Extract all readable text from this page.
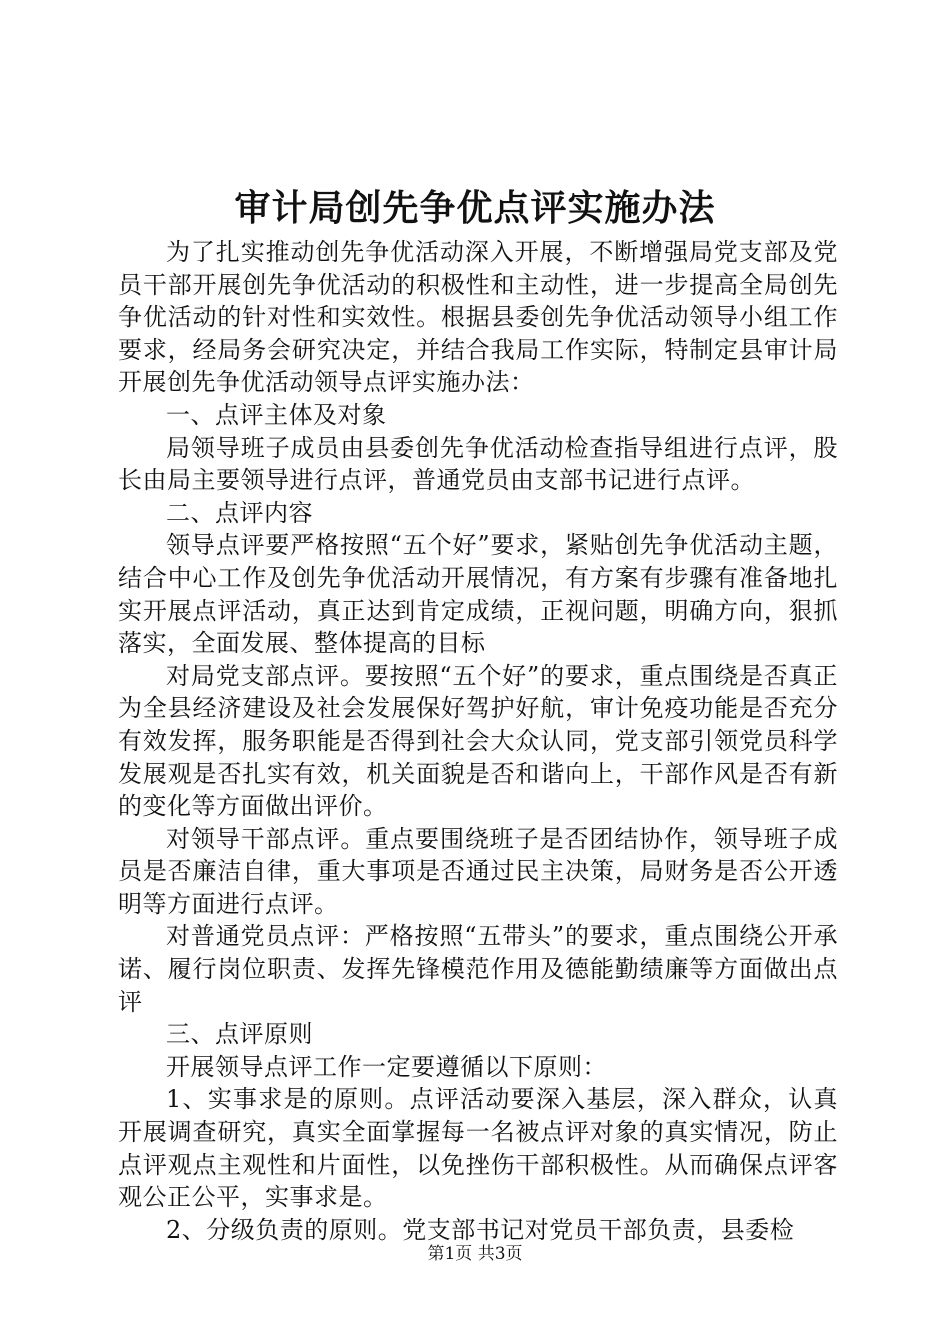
审计局创先争优点评实施办法

为了扎实推动创先争优活动深入开展，不断增强局党支部及党员干部开展创先争优活动的积极性和主动性，进一步提高全局创先争优活动的针对性和实效性。根据县委创先争优活动领导小组工作要求，经局务会研究决定，并结合我局工作实际，特制定县审计局开展创先争优活动领导点评实施办法：

一、点评主体及对象

局领导班子成员由县委创先争优活动检查指导组进行点评，股长由局主要领导进行点评，普通党员由支部书记进行点评。

二、点评内容

领导点评要严格按照“五个好”要求，紧贴创先争优活动主题，结合中心工作及创先争优活动开展情况，有方案有步骤有准备地扎实开展点评活动，真正达到肯定成绩，正视问题，明确方向，狠抓落实，全面发展、整体提高的目标

对局党支部点评。要按照“五个好”的要求，重点围绕是否真正为全县经济建设及社会发展保好驾护好航，审计免疫功能是否充分有效发挥，服务职能是否得到社会大众认同，党支部引领党员科学发展观是否扎实有效，机关面貌是否和谐向上，干部作风是否有新的变化等方面做出评价。

对领导干部点评。重点要围绕班子是否团结协作，领导班子成员是否廉洁自律，重大事项是否通过民主决策，局财务是否公开透明等方面进行点评。

对普通党员点评：严格按照“五带头”的要求，重点围绕公开承诺、履行岗位职责、发挥先锋模范作用及德能勤绩廉等方面做出点评

三、点评原则

开展领导点评工作一定要遵循以下原则：

1、实事求是的原则。点评活动要深入基层，深入群众，认真开展调查研究，真实全面掌握每一名被点评对象的真实情况，防止点评观点主观性和片面性，以免挫伤干部积极性。从而确保点评客观公正公平，实事求是。

2、分级负责的原则。党支部书记对党员干部负责，县委检

第1页 共3页
